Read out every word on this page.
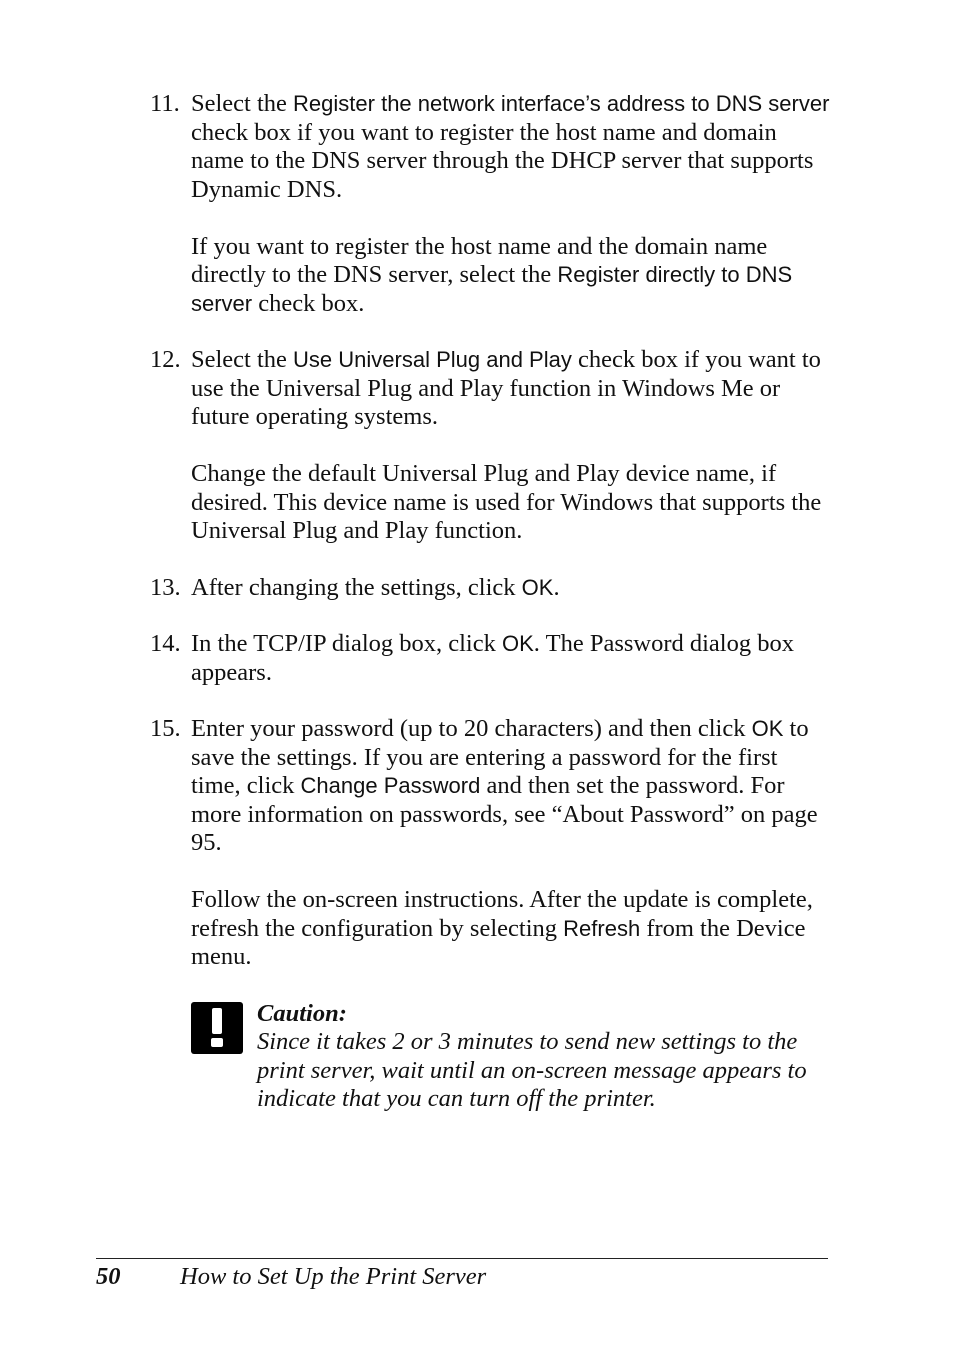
11. Select the Register the network interface’s address to DNS server check box if you want to register the host name and domain name to the DNS server through the DHCP server that supports Dynamic DNS.

If you want to register the host name and the domain name directly to the DNS server, select the Register directly to DNS server check box.

12. Select the Use Universal Plug and Play check box if you want to use the Universal Plug and Play function in Windows Me or future operating systems.

Change the default Universal Plug and Play device name, if desired. This device name is used for Windows that supports the Universal Plug and Play function.

13. After changing the settings, click OK.

14. In the TCP/IP dialog box, click OK. The Password dialog box appears.

15. Enter your password (up to 20 characters) and then click OK to save the settings. If you are entering a password for the first time, click Change Password and then set the password. For more information on passwords, see “About Password” on page 95.

Follow the on-screen instructions. After the update is complete, refresh the configuration by selecting Refresh from the Device menu.

Caution:

Since it takes 2 or 3 minutes to send new settings to the print server, wait until an on-screen message appears to indicate that you can turn off the printer.

50 How to Set Up the Print Server
